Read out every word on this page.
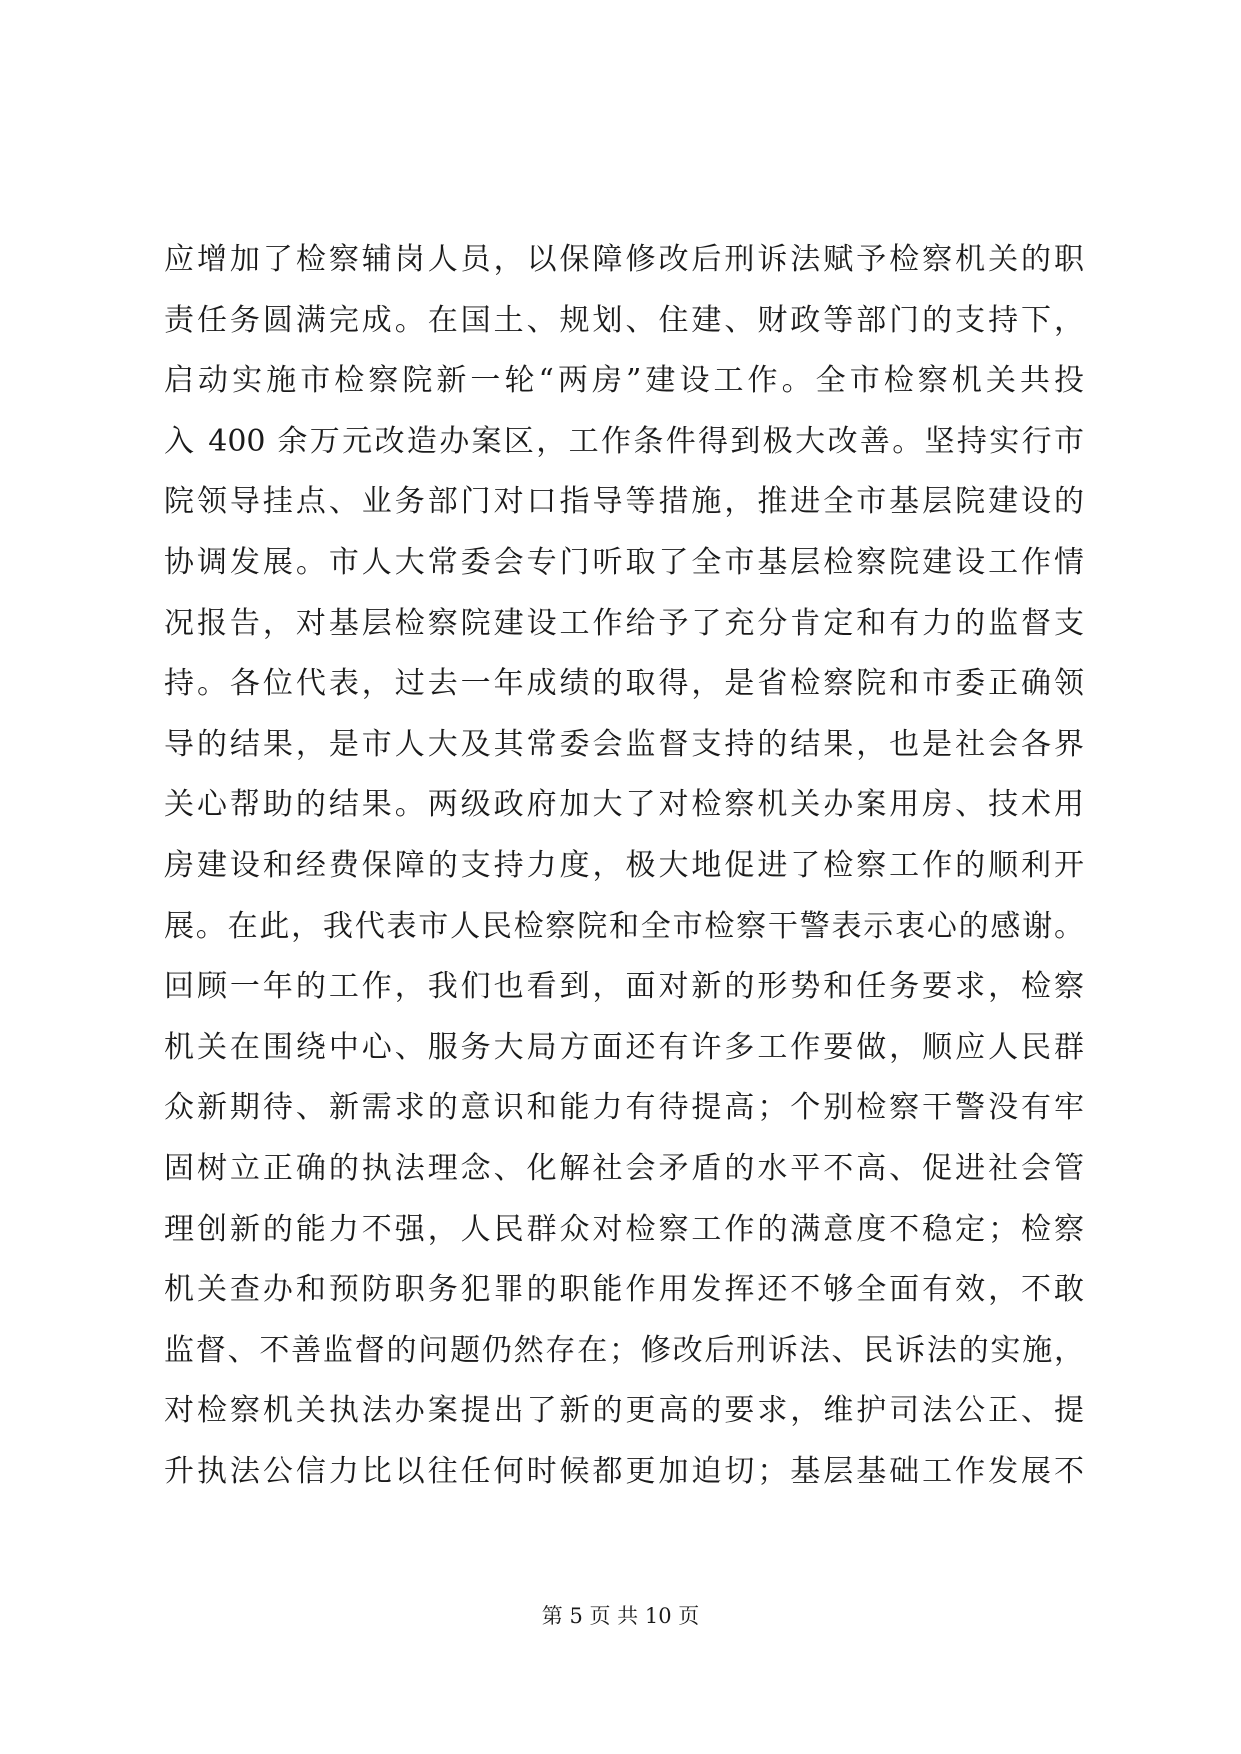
应增加了检察辅岗人员，以保障修改后刑诉法赋予检察机关的职
责任务圆满完成。在国土、规划、住建、财政等部门的支持下，
启动实施市检察院新一轮“两房”建设工作。全市检察机关共投
入 400 余万元改造办案区，工作条件得到极大改善。坚持实行市
院领导挂点、业务部门对口指导等措施，推进全市基层院建设的
协调发展。市人大常委会专门听取了全市基层检察院建设工作情
况报告，对基层检察院建设工作给予了充分肯定和有力的监督支
持。各位代表，过去一年成绩的取得，是省检察院和市委正确领
导的结果，是市人大及其常委会监督支持的结果，也是社会各界
关心帮助的结果。两级政府加大了对检察机关办案用房、技术用
房建设和经费保障的支持力度，极大地促进了检察工作的顺利开
展。在此，我代表市人民检察院和全市检察干警表示衷心的感谢。
回顾一年的工作，我们也看到，面对新的形势和任务要求，检察
机关在围绕中心、服务大局方面还有许多工作要做，顺应人民群
众新期待、新需求的意识和能力有待提高；个别检察干警没有牢
固树立正确的执法理念、化解社会矛盾的水平不高、促进社会管
理创新的能力不强，人民群众对检察工作的满意度不稳定；检察
机关查办和预防职务犯罪的职能作用发挥还不够全面有效，不敢
监督、不善监督的问题仍然存在；修改后刑诉法、民诉法的实施，
对检察机关执法办案提出了新的更高的要求，维护司法公正、提
升执法公信力比以往任何时候都更加迫切；基层基础工作发展不
第 5 页 共 10 页
